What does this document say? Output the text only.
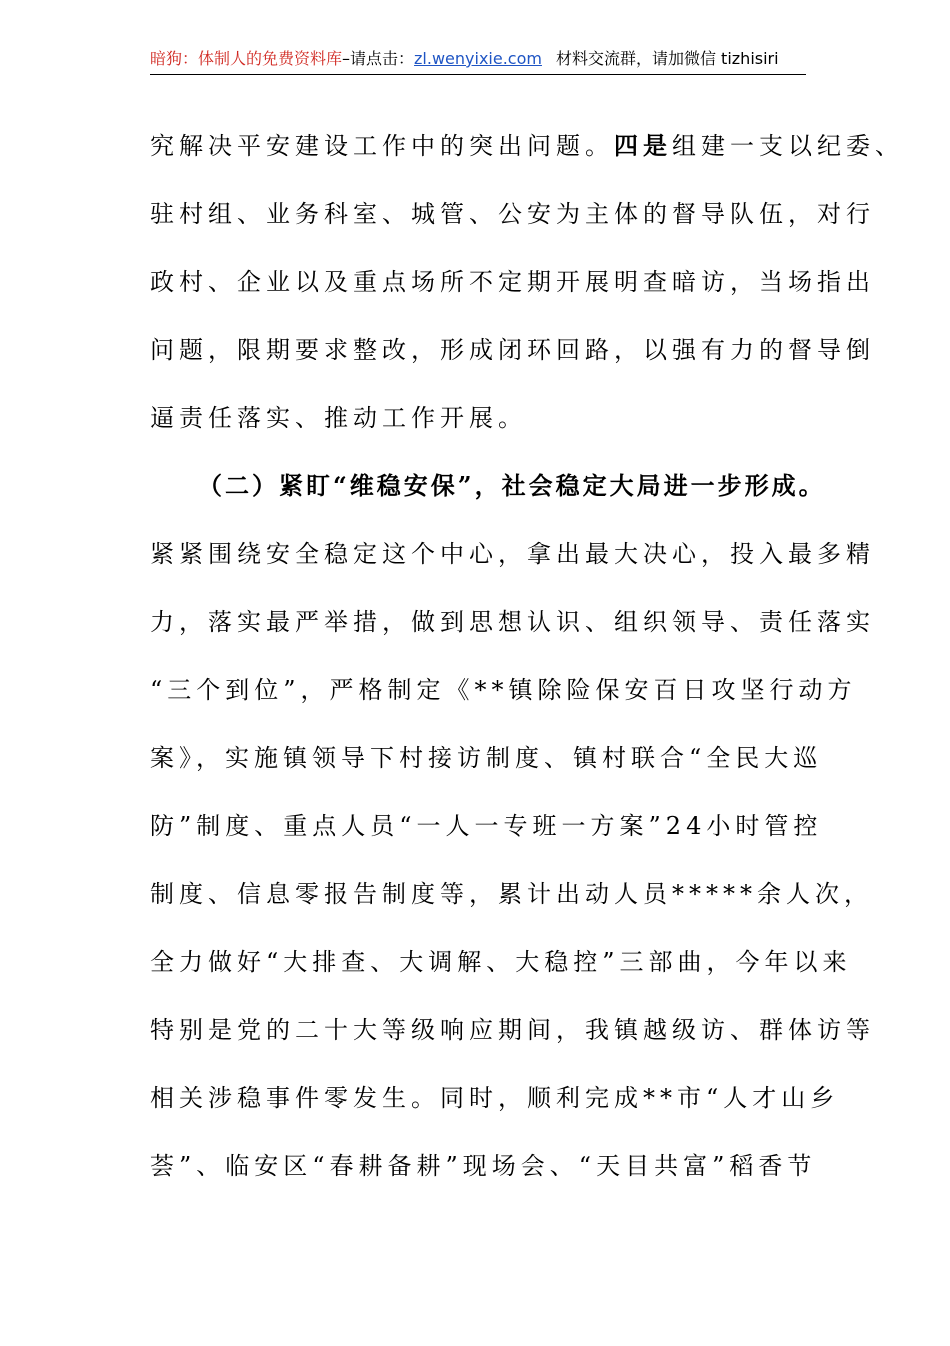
暗狗：体制人的免费资料库–请点击：zl.wenyixie.com 材料交流群，请加微信 tizhisiri
究解决平安建设工作中的突出问题。四是组建一支以纪委、
驻村组、业务科室、城管、公安为主体的督导队伍，对行
政村、企业以及重点场所不定期开展明查暗访，当场指出
问题，限期要求整改，形成闭环回路，以强有力的督导倒
逼责任落实、推动工作开展。
（二）紧盯“维稳安保”，社会稳定大局进一步形成。
紧紧围绕安全稳定这个中心，拿出最大决心，投入最多精
力，落实最严举措，做到思想认识、组织领导、责任落实
“三个到位”，严格制定《**镇除险保安百日攻坚行动方
案》，实施镇领导下村接访制度、镇村联合“全民大巡
防”制度、重点人员“一人一专班一方案”24小时管控
制度、信息零报告制度等，累计出动人员*****余人次，
全力做好“大排查、大调解、大稳控”三部曲，今年以来
特别是党的二十大等级响应期间，我镇越级访、群体访等
相关涉稳事件零发生。同时，顺利完成**市“人才山乡
荟”、临安区“春耕备耕”现场会、“天目共富”稻香节
